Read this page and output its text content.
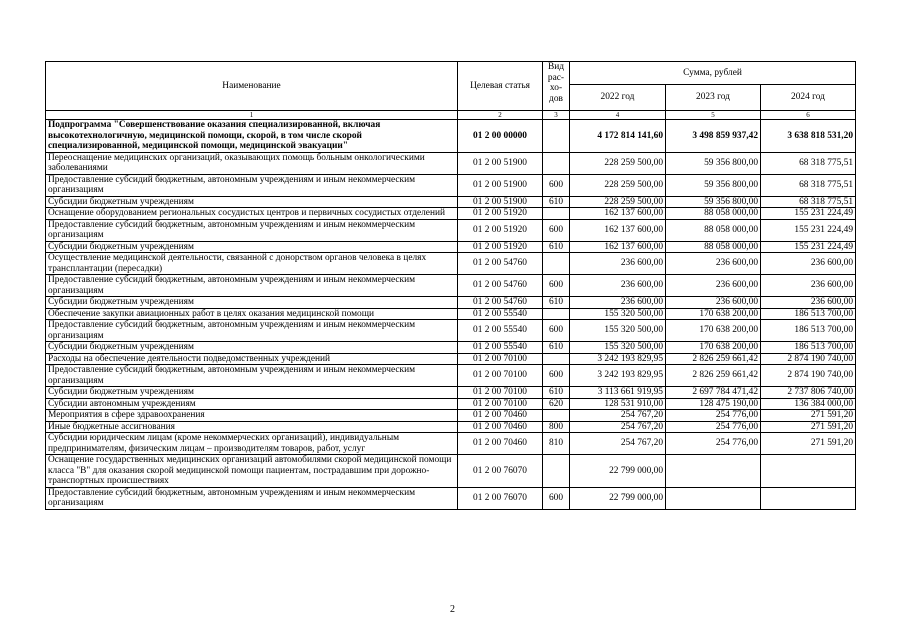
Наименование	Целевая статья	Вид рас-хо-дов	Сумма, рублей		
			2022 год	2023 год	2024 год
1	2	3	4	5	6
Подпрограмма "Совершенствование оказания специализированной, включая высокотехнологичную, медицинской помощи, скорой, в том числе скорой специализированной, медицинской помощи, медицинской эвакуации"	01 2 00 00000		4 172 814 141,60	3 498 859 937,42	3 638 818 531,20
Переоснащение медицинских организаций, оказывающих помощь больным онкологическими заболеваниями	01 2 00 51900		228 259 500,00	59 356 800,00	68 318 775,51
Предоставление субсидий бюджетным, автономным учреждениям и иным некоммерческим организациям	01 2 00 51900	600	228 259 500,00	59 356 800,00	68 318 775,51
Субсидии бюджетным учреждениям	01 2 00 51900	610	228 259 500,00	59 356 800,00	68 318 775,51
Оснащение оборудованием региональных сосудистых центров и первичных сосудистых отделений	01 2 00 51920		162 137 600,00	88 058 000,00	155 231 224,49
Предоставление субсидий бюджетным, автономным учреждениям и иным некоммерческим организациям	01 2 00 51920	600	162 137 600,00	88 058 000,00	155 231 224,49
Субсидии бюджетным учреждениям	01 2 00 51920	610	162 137 600,00	88 058 000,00	155 231 224,49
Осуществление медицинской деятельности, связанной с донорством органов человека в целях трансплантации (пересадки)	01 2 00 54760		236 600,00	236 600,00	236 600,00
Предоставление субсидий бюджетным, автономным учреждениям и иным некоммерческим организациям	01 2 00 54760	600	236 600,00	236 600,00	236 600,00
Субсидии бюджетным учреждениям	01 2 00 54760	610	236 600,00	236 600,00	236 600,00
Обеспечение закупки авиационных работ в целях оказания медицинской помощи	01 2 00 55540		155 320 500,00	170 638 200,00	186 513 700,00
Предоставление субсидий бюджетным, автономным учреждениям и иным некоммерческим организациям	01 2 00 55540	600	155 320 500,00	170 638 200,00	186 513 700,00
Субсидии бюджетным учреждениям	01 2 00 55540	610	155 320 500,00	170 638 200,00	186 513 700,00
Расходы на обеспечение деятельности подведомственных учреждений	01 2 00 70100		3 242 193 829,95	2 826 259 661,42	2 874 190 740,00
Предоставление субсидий бюджетным, автономным учреждениям и иным некоммерческим организациям	01 2 00 70100	600	3 242 193 829,95	2 826 259 661,42	2 874 190 740,00
Субсидии бюджетным учреждениям	01 2 00 70100	610	3 113 661 919,95	2 697 784 471,42	2 737 806 740,00
Субсидии автономным учреждениям	01 2 00 70100	620	128 531 910,00	128 475 190,00	136 384 000,00
Мероприятия в сфере здравоохранения	01 2 00 70460		254 767,20	254 776,00	271 591,20
Иные бюджетные ассигнования	01 2 00 70460	800	254 767,20	254 776,00	271 591,20
Субсидии юридическим лицам (кроме некоммерческих организаций), индивидуальным предпринимателям, физическим лицам – производителям товаров, работ, услуг	01 2 00 70460	810	254 767,20	254 776,00	271 591,20
Оснащение государственных медицинских организаций автомобилями скорой медицинской помощи класса "В" для оказания скорой медицинской помощи пациентам, пострадавшим при дорожно-транспортных происшествиях	01 2 00 76070		22 799 000,00		
Предоставление субсидий бюджетным, автономным учреждениям и иным некоммерческим организациям	01 2 00 76070	600	22 799 000,00		
2
